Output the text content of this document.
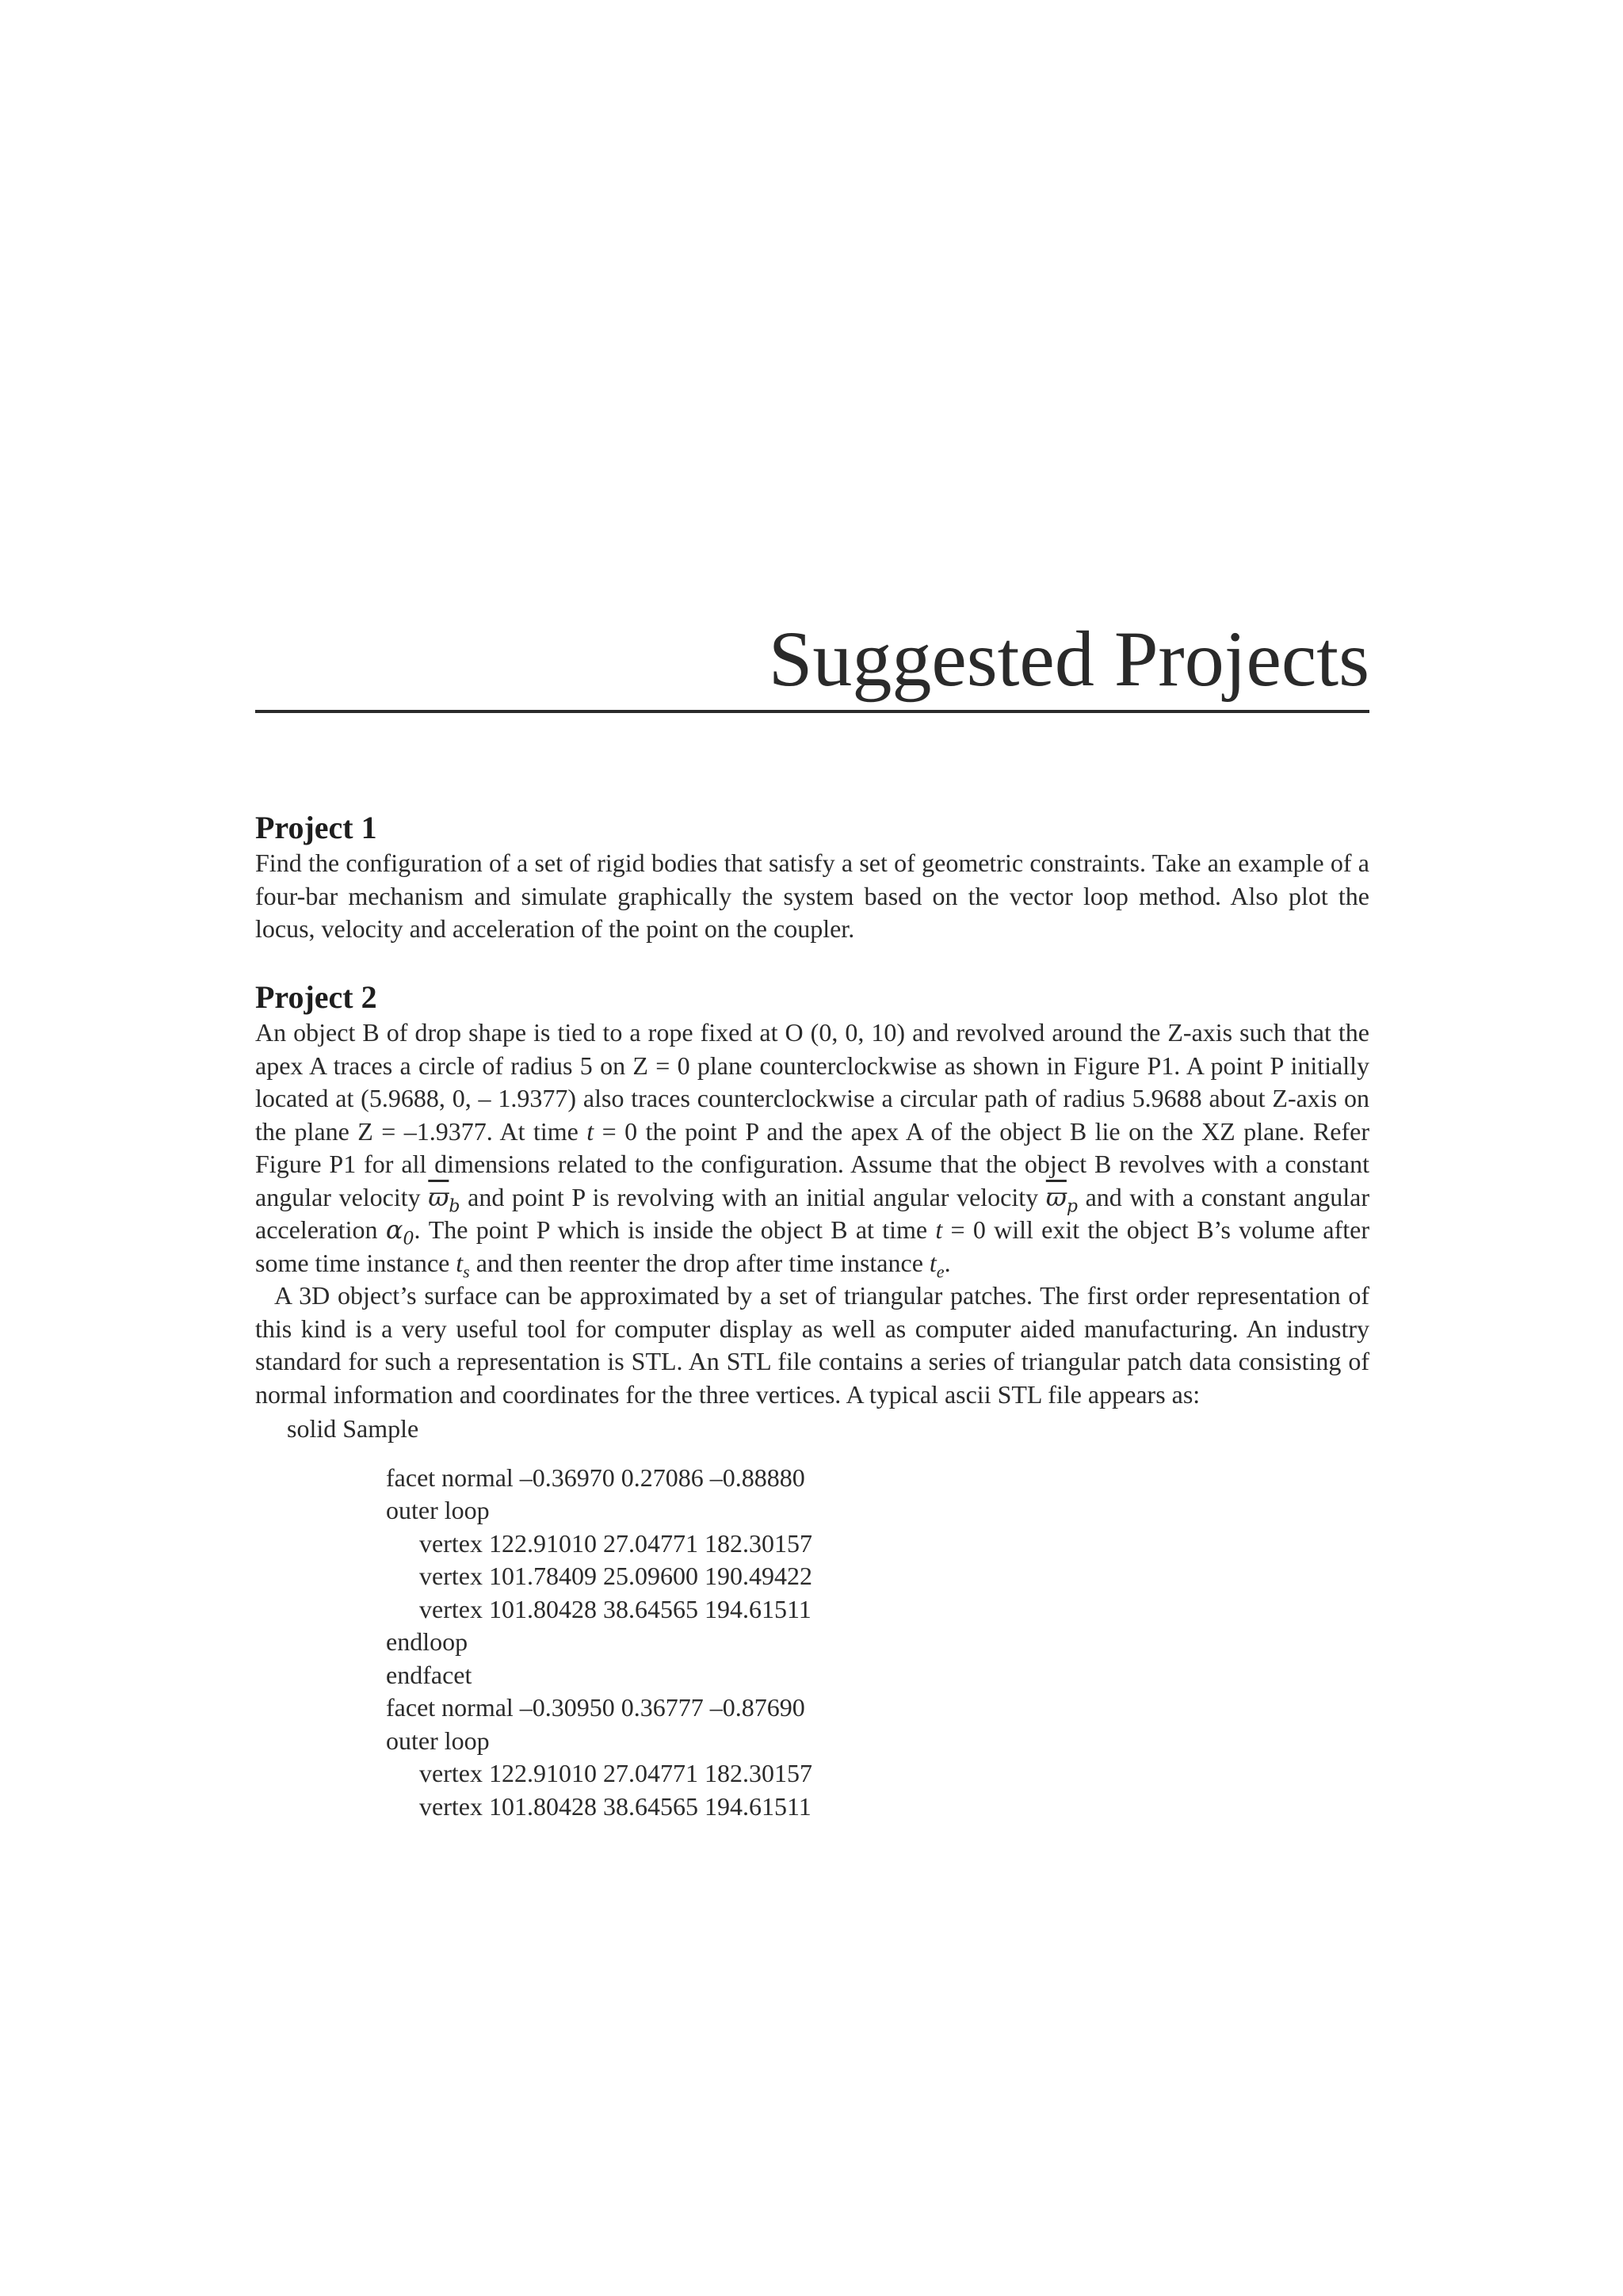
Suggested Projects
Project 1

Find the configuration of a set of rigid bodies that satisfy a set of geometric constraints. Take an example of a four-bar mechanism and simulate graphically the system based on the vector loop method. Also plot the locus, velocity and acceleration of the point on the coupler.

Project 2

An object B of drop shape is tied to a rope fixed at O (0, 0, 10) and revolved around the Z-axis such that the apex A traces a circle of radius 5 on Z = 0 plane counterclockwise as shown in Figure P1. A point P initially located at (5.9688, 0, – 1.9377) also traces counterclockwise a circular path of radius 5.9688 about Z-axis on the plane Z = –1.9377. At time t = 0 the point P and the apex A of the object B lie on the XZ plane. Refer Figure P1 for all dimensions related to the configuration. Assume that the object B revolves with a constant angular velocity $\overline{ϖ}_b$ and point P is revolving with an initial angular velocity $\overline{ϖ}_p$ and with a constant angular acceleration $\alpha_0$. The point P which is inside the object B at time t = 0 will exit the object B’s volume after some time instance $t_s$ and then reenter the drop after time instance $t_e$.

A 3D object’s surface can be approximated by a set of triangular patches. The first order representation of this kind is a very useful tool for computer display as well as computer aided manufacturing. An industry standard for such a representation is STL. An STL file contains a series of triangular patch data consisting of normal information and coordinates for the three vertices. A typical ascii STL file appears as:

solid Sample
facet normal –0.36970 0.27086 –0.88880
outer loop
vertex 122.91010 27.04771 182.30157
vertex 101.78409 25.09600 190.49422
vertex 101.80428 38.64565 194.61511
endloop
endfacet
facet normal –0.30950 0.36777 –0.87690
outer loop
vertex 122.91010 27.04771 182.30157
vertex 101.80428 38.64565 194.61511
